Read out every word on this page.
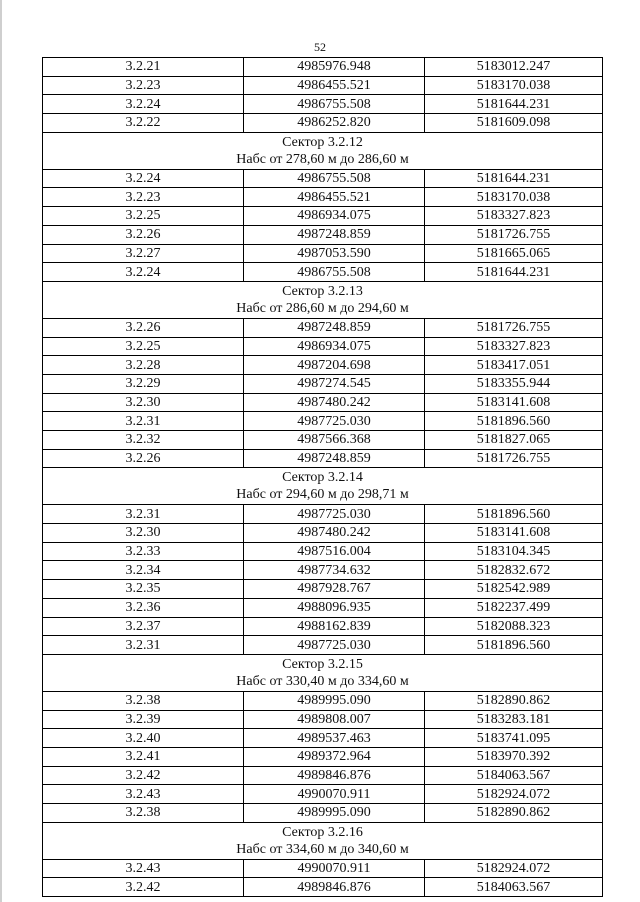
52
3.2.21	4985976.948	5183012.247
3.2.23	4986455.521	5183170.038
3.2.24	4986755.508	5181644.231
3.2.22	4986252.820	5181609.098

Сектор 3.2.12
Набс от 278,60 м до 286,60 м		

3.2.24	4986755.508	5181644.231
3.2.23	4986455.521	5183170.038
3.2.25	4986934.075	5183327.823
3.2.26	4987248.859	5181726.755
3.2.27	4987053.590	5181665.065
3.2.24	4986755.508	5181644.231

Сектор 3.2.13
Набс от 286,60 м до 294,60 м		

3.2.26	4987248.859	5181726.755
3.2.25	4986934.075	5183327.823
3.2.28	4987204.698	5183417.051
3.2.29	4987274.545	5183355.944
3.2.30	4987480.242	5183141.608
3.2.31	4987725.030	5181896.560
3.2.32	4987566.368	5181827.065
3.2.26	4987248.859	5181726.755

Сектор 3.2.14
Набс от 294,60 м до 298,71 м		

3.2.31	4987725.030	5181896.560
3.2.30	4987480.242	5183141.608
3.2.33	4987516.004	5183104.345
3.2.34	4987734.632	5182832.672
3.2.35	4987928.767	5182542.989
3.2.36	4988096.935	5182237.499
3.2.37	4988162.839	5182088.323
3.2.31	4987725.030	5181896.560

Сектор 3.2.15
Набс от 330,40 м до 334,60 м		

3.2.38	4989995.090	5182890.862
3.2.39	4989808.007	5183283.181
3.2.40	4989537.463	5183741.095
3.2.41	4989372.964	5183970.392
3.2.42	4989846.876	5184063.567
3.2.43	4990070.911	5182924.072
3.2.38	4989995.090	5182890.862

Сектор 3.2.16
Набс от 334,60 м до 340,60 м		

3.2.43	4990070.911	5182924.072
3.2.42	4989846.876	5184063.567
